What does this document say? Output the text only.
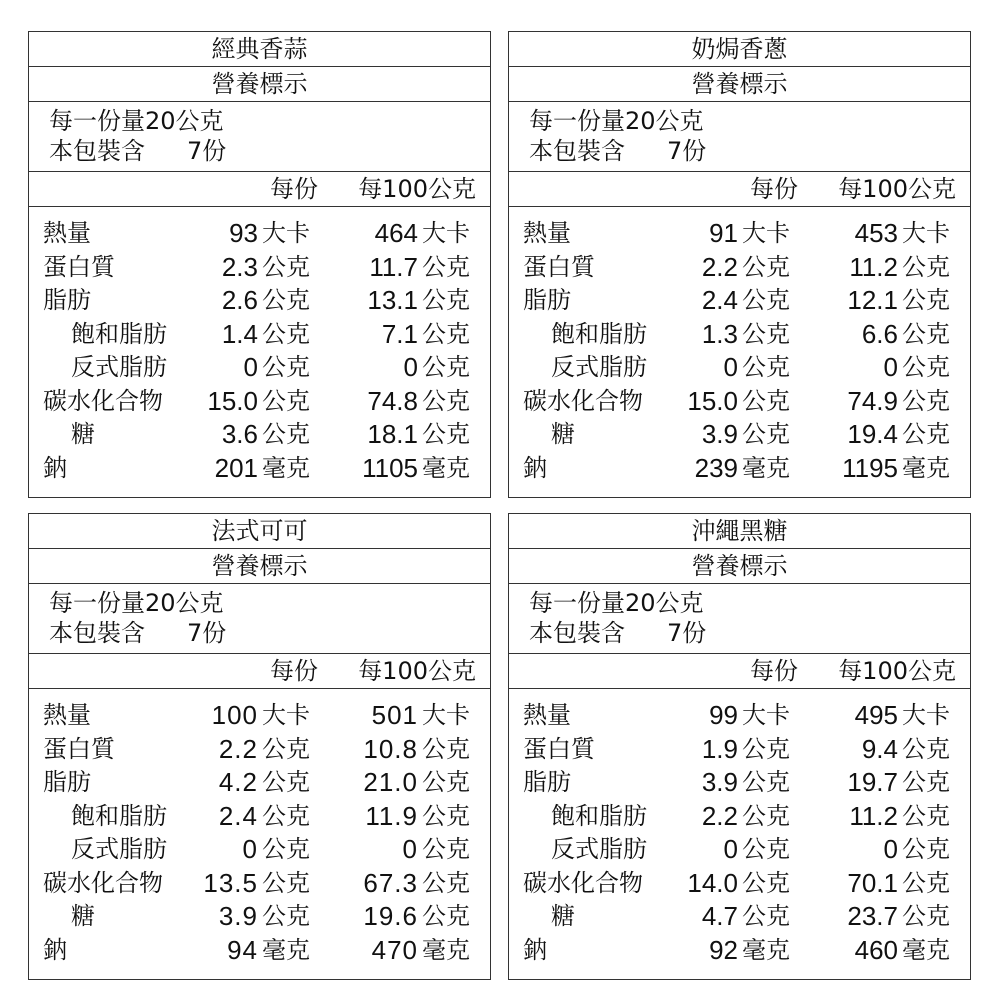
經典香蒜
營養標示
每一份量20公克
本包裝含 7份
每份 每100公克
熱量	93 大卡 464 大卡
蛋白質	2.3 公克 11.7 公克
脂肪	2.6 公克 13.1 公克
飽和脂肪 1.4 公克	7.1 公克
反式脂肪	0 公克	0 公克
碳水化合物 15.0 公克 74.8 公克
糖	3.6 公克 18.1 公克
鈉	201 毫克 1105 毫克
奶焗香蔥
營養標示
每一份量20公克
本包裝含 7份
每份 每100公克
熱量	91 大卡 453 大卡
蛋白質	2.2 公克 11.2 公克
脂肪	2.4 公克 12.1 公克
飽和脂肪 1.3 公克	6.6 公克
反式脂肪	0 公克	0 公克
碳水化合物 15.0 公克 74.9 公克
糖	3.9 公克 19.4 公克
鈉	239 毫克 1195 毫克
法式可可
營養標示
每一份量20公克
本包裝含 7份
每份 每100公克
熱量	100 大卡 501 大卡
蛋白質	2.2 公克 10.8 公克
脂肪	4.2 公克 21.0 公克
飽和脂肪 2.4 公克 11.9 公克
反式脂肪	0 公克	0 公克
碳水化合物 13.5 公克 67.3 公克
糖	3.9 公克 19.6 公克
鈉	94 毫克 470 毫克
沖繩黑糖
營養標示
每一份量20公克
本包裝含 7份
每份 每100公克
熱量	99 大卡 495 大卡
蛋白質	1.9 公克	9.4 公克
脂肪	3.9 公克 19.7 公克
飽和脂肪 2.2 公克 11.2 公克
反式脂肪	0 公克	0 公克
碳水化合物 14.0 公克 70.1 公克
糖	4.7 公克 23.7 公克
鈉	92 毫克 460 毫克
